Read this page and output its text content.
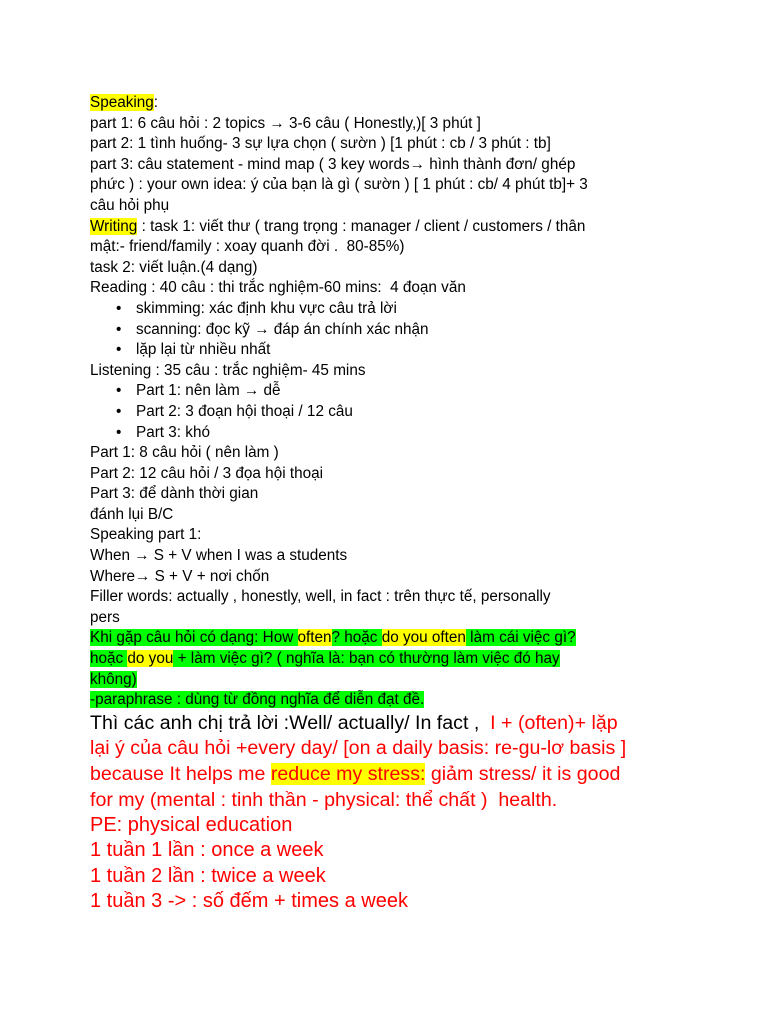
Speaking:
part 1: 6 câu hỏi : 2 topics → 3-6 câu ( Honestly,)[ 3 phút ]
part 2: 1 tình huống- 3 sự lựa chọn ( sườn ) [1 phút : cb / 3 phút : tb]
part 3: câu statement - mind map ( 3 key words→ hình thành đơn/ ghép
phức ) : your own idea: ý của bạn là gì ( sườn ) [ 1 phút : cb/ 4 phút tb]+ 3
câu hỏi phụ
Writing : task 1: viết thư ( trang trọng : manager / client / customers / thân
mật:- friend/family : xoay quanh đời .  80-85%)
task 2: viết luận.(4 dạng)
Reading : 40 câu : thi trắc nghiệm-60 mins:  4 đoạn văn
• skimming: xác định khu vực câu trả lời
• scanning: đọc kỹ → đáp án chính xác nhận
• lặp lại từ nhiều nhất
Listening : 35 câu : trắc nghiệm- 45 mins
• Part 1: nên làm → dễ
• Part 2: 3 đoạn hội thoại / 12 câu
• Part 3: khó
Part 1: 8 câu hỏi ( nên làm )
Part 2: 12 câu hỏi / 3 đọa hội thoại
Part 3: để dành thời gian
đánh lụi B/C
Speaking part 1:
When → S + V when I was a students
Where→ S + V + nơi chốn
Filler words: actually , honestly, well, in fact : trên thực tế, personally
pers
Khi gặp câu hỏi có dạng: How often? hoặc do you often làm cái việc gì?
hoặc do you + làm việc gì? ( nghĩa là: bạn có thường làm việc đó hay
không)
-paraphrase : dùng từ đồng nghĩa để diễn đạt đề.
Thì các anh chị trả lời :Well/ actually/ In fact ,  I + (often)+ lặp
lại ý của câu hỏi +every day/ [on a daily basis: re-gu-lơ basis ]
because It helps me reduce my stress: giảm stress/ it is good
for my (mental : tinh thần - physical: thể chất )  health.
PE: physical education
1 tuần 1 lần : once a week
1 tuần 2 lần : twice a week
1 tuần 3 -> : số đếm + times a week
